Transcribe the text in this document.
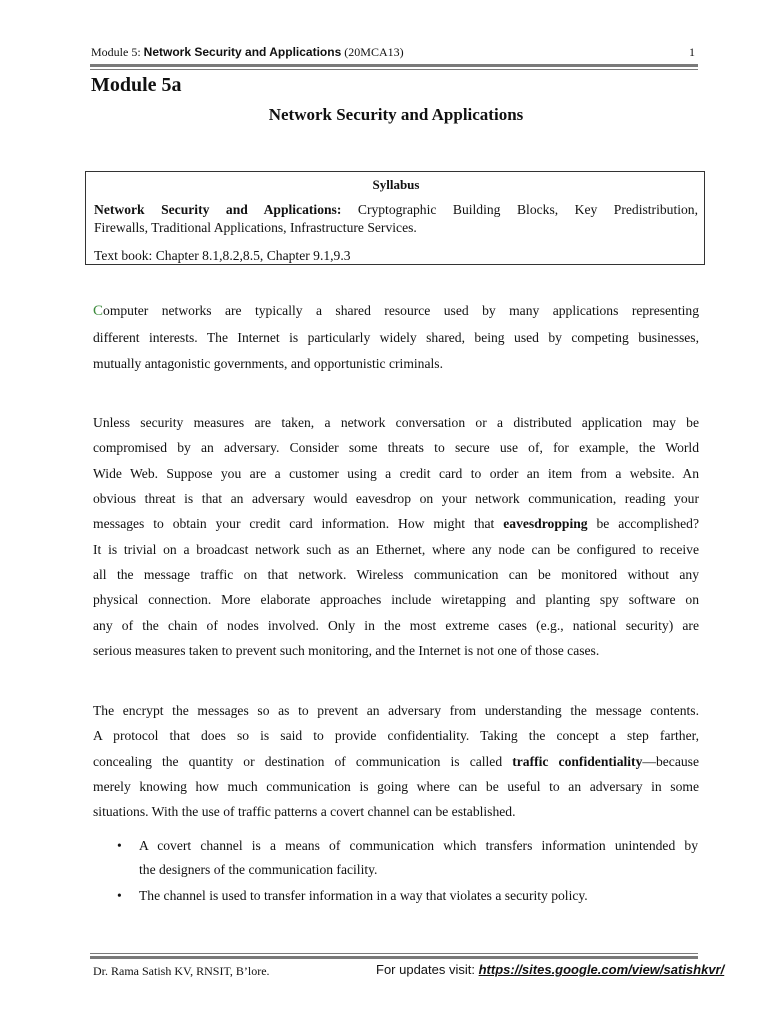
Module 5: Network Security and Applications (20MCA13)	1
Module 5a
Network Security and Applications
Syllabus
Network Security and Applications: Cryptographic Building Blocks, Key Predistribution,
Firewalls, Traditional Applications, Infrastructure Services.
Text book: Chapter 8.1,8.2,8.5, Chapter 9.1,9.3
Computer networks are typically a shared resource used by many applications representing
different interests. The Internet is particularly widely shared, being used by competing businesses,
mutually antagonistic governments, and opportunistic criminals.
Unless security measures are taken, a network conversation or a distributed application may be
compromised by an adversary. Consider some threats to secure use of, for example, the World
Wide Web. Suppose you are a customer using a credit card to order an item from a website. An
obvious threat is that an adversary would eavesdrop on your network communication, reading your
messages to obtain your credit card information. How might that eavesdropping be accomplished?
It is trivial on a broadcast network such as an Ethernet, where any node can be configured to receive
all the message traffic on that network. Wireless communication can be monitored without any
physical connection. More elaborate approaches include wiretapping and planting spy software on
any of the chain of nodes involved. Only in the most extreme cases (e.g., national security) are
serious measures taken to prevent such monitoring, and the Internet is not one of those cases.
The encrypt the messages so as to prevent an adversary from understanding the message contents.
A protocol that does so is said to provide confidentiality. Taking the concept a step farther,
concealing the quantity or destination of communication is called traffic confidentiality—because
merely knowing how much communication is going where can be useful to an adversary in some
situations. With the use of traffic patterns a covert channel can be established.
• A covert channel is a means of communication which transfers information unintended by
the designers of the communication facility.
• The channel is used to transfer information in a way that violates a security policy.
Dr. Rama Satish KV, RNSIT, B’lore.	For updates visit: https://sites.google.com/view/satishkvr/
